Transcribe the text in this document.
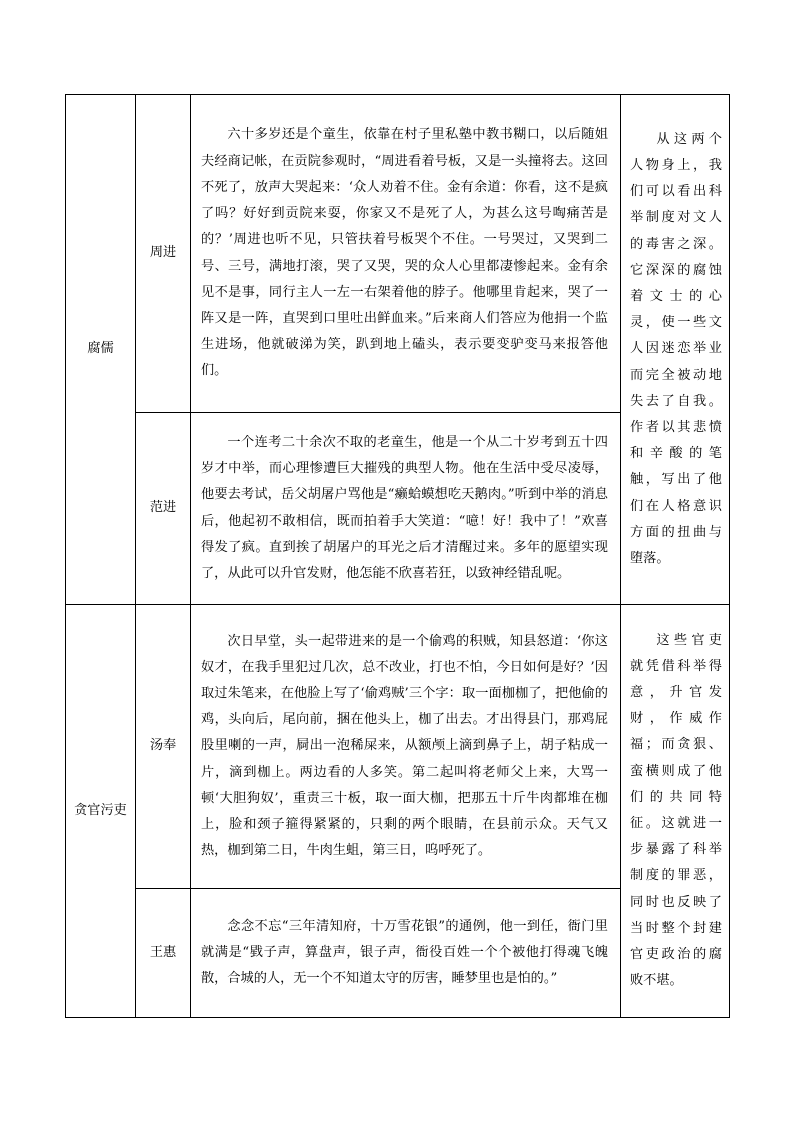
腐儒	周进	六十多岁还是个童生，依靠在村子里私塾中教书糊口，以后随姐夫经商记帐，在贡院参观时，“周进看着号板，又是一头撞将去。这回不死了，放声大哭起来：‘众人劝着不住。金有余道：你看，这不是疯了吗？好好到贡院来耍，你家又不是死了人，为甚么这号啕痛苦是的？’周进也听不见，只管扶着号板哭个不住。一号哭过，又哭到二号、三号，满地打滚，哭了又哭，哭的众人心里都凄惨起来。金有余见不是事，同行主人一左一右架着他的脖子。他哪里肯起来，哭了一阵又是一阵，直哭到口里吐出鲜血来。”后来商人们答应为他捐一个监生进场，他就破涕为笑，趴到地上磕头，表示要变驴变马来报答他们。	从这两个人物身上，我们可以看出科举制度对文人的毒害之深。它深深的腐蚀着文士的心灵，使一些文人因迷恋举业而完全被动地失去了自我。作者以其悲愤和辛酸的笔触，写出了他们在人格意识方面的扭曲与堕落。
	范进	一个连考二十余次不取的老童生，他是一个从二十岁考到五十四岁才中举，而心理惨遭巨大摧残的典型人物。他在生活中受尽凌辱，他要去考试，岳父胡屠户骂他是“癞蛤蟆想吃天鹅肉。”听到中举的消息后，他起初不敢相信，既而拍着手大笑道：“噫！好！我中了！”欢喜得发了疯。直到挨了胡屠户的耳光之后才清醒过来。多年的愿望实现了，从此可以升官发财，他怎能不欣喜若狂，以致神经错乱呢。	

贪官污吏	汤奉	次日早堂，头一起带进来的是一个偷鸡的积贼，知县怒道：‘你这奴才，在我手里犯过几次，总不改业，打也不怕，今日如何是好？’因取过朱笔来，在他脸上写了‘偷鸡贼’三个字：取一面枷枷了，把他偷的鸡，头向后，尾向前，捆在他头上，枷了出去。才出得县门，那鸡屁股里喇的一声，屙出一泡稀屎来，从额颅上滴到鼻子上，胡子粘成一片，滴到枷上。两边看的人多笑。第二起叫将老师父上来，大骂一顿‘大胆狗奴’，重责三十板，取一面大枷，把那五十斤牛肉都堆在枷上，脸和颈子箍得紧紧的，只剩的两个眼睛，在县前示众。天气又热，枷到第二日，牛肉生蛆，第三日，呜呼死了。	这些官吏就凭借科举得意，升官发财，作威作福；而贪狠、蛮横则成了他们的共同特征。这就进一步暴露了科举制度的罪恶，同时也反映了当时整个封建官吏政治的腐败不堪。
	王惠	念念不忘“三年清知府，十万雪花银”的通例，他一到任，衙门里就满是“戥子声，算盘声，银子声，衙役百姓一个个被他打得魂飞魄散，合城的人，无一个不知道太守的厉害，睡梦里也是怕的。”	
